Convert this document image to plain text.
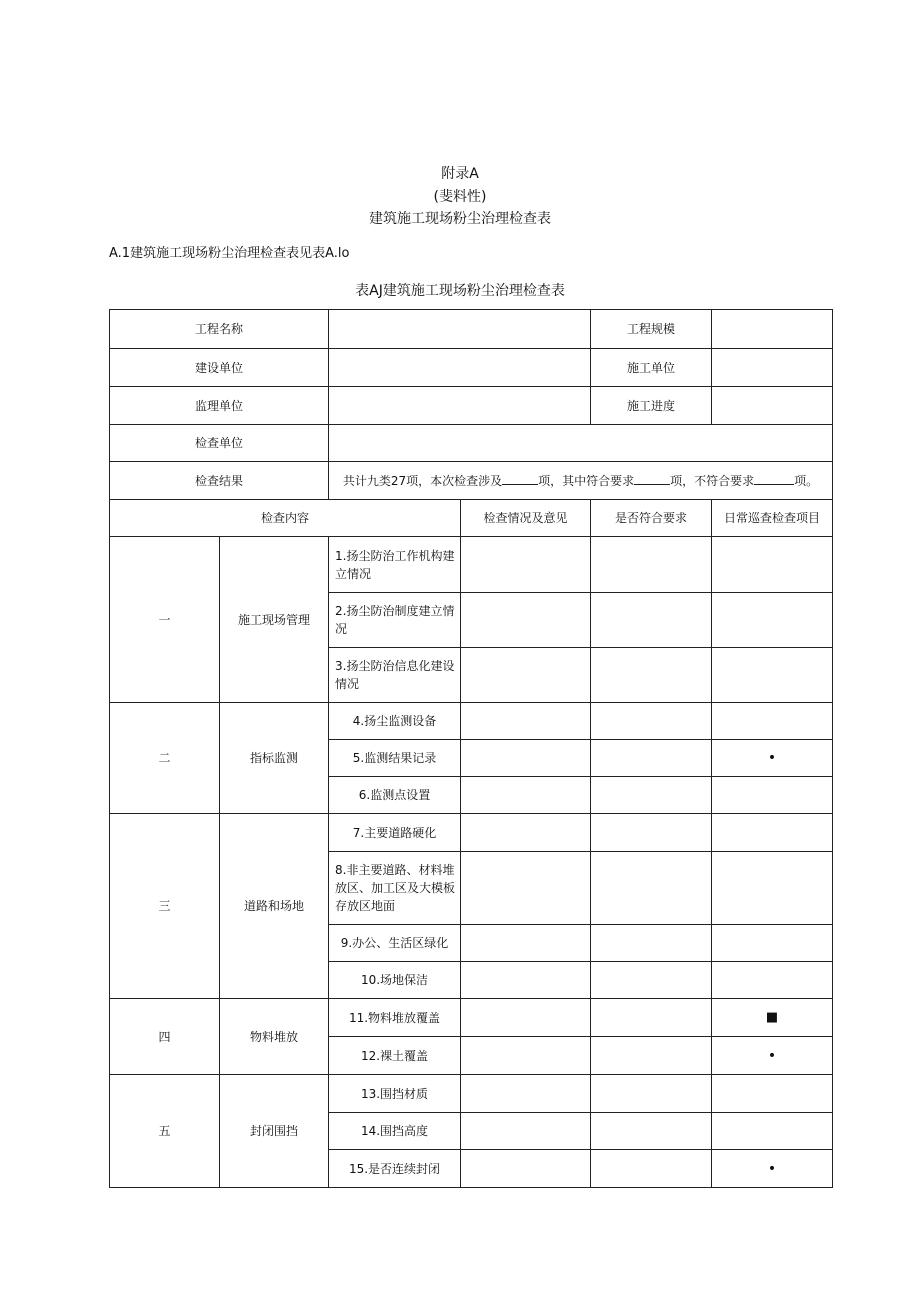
附录A
(斐料性)
建筑施工现场粉尘治理检查表
A.1建筑施工现场粉尘治理检查表见表A.lo
表AJ建筑施工现场粉尘治理检查表
工程名称				工程规模	
建设单位				施工单位	
监理单位				施工进度	
检查单位					
检查结果		共计九类27项，本次检查涉及 项，其中符合要求 项，不符合要求 项。			
检查内容			检查情况及意见	是否符合要求	日常巡查检查项目
一	施工现场管理	1.扬尘防治工作机构建立情况			
		2.扬尘防治制度建立情况			
		3.扬尘防治信息化建设情况			
二	指标监测	4.扬尘监测设备			
		5.监测结果记录			•
		6.监测点设置			
三	道路和场地	7.主要道路硬化			
		8.非主要道路、材料堆放区、加工区及大模板存放区地面			
		9.办公、生活区绿化			
		10.场地保洁			
四	物料堆放	11.物料堆放覆盖			■
		12.裸土覆盖			•
五	封闭围挡	13.围挡材质			
		14.围挡高度			
		15.是否连续封闭			•
